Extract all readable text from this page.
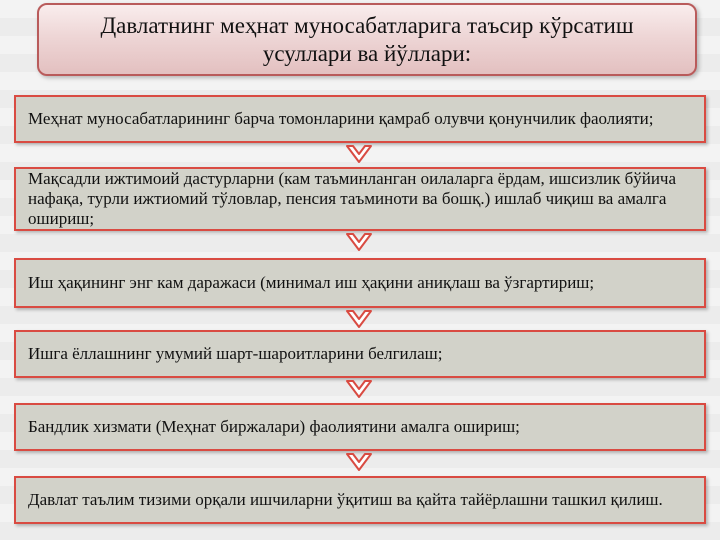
Давлатнинг меҳнат муносабатларига таъсир кўрсатиш усуллари ва йўллари:
Меҳнат муносабатларининг барча томонларини қамраб олувчи қонунчилик фаолияти;
Мақсадли ижтимоий дастурларни (кам таъминланган оилаларга ёрдам, ишсизлик бўйича нафақа, турли ижтиомий тўловлар, пенсия таъминоти ва бошқ.) ишлаб чиқиш ва амалга ошириш;
Иш ҳақининг энг кам даражаси (минимал иш ҳақини аниқлаш ва ўзгартириш;
Ишга ёллашнинг умумий шарт-шароитларини белгилаш;
Бандлик хизмати (Меҳнат биржалари) фаолиятини амалга ошириш;
Давлат таълим тизими орқали ишчиларни ўқитиш ва қайта тайёрлашни ташкил қилиш.
